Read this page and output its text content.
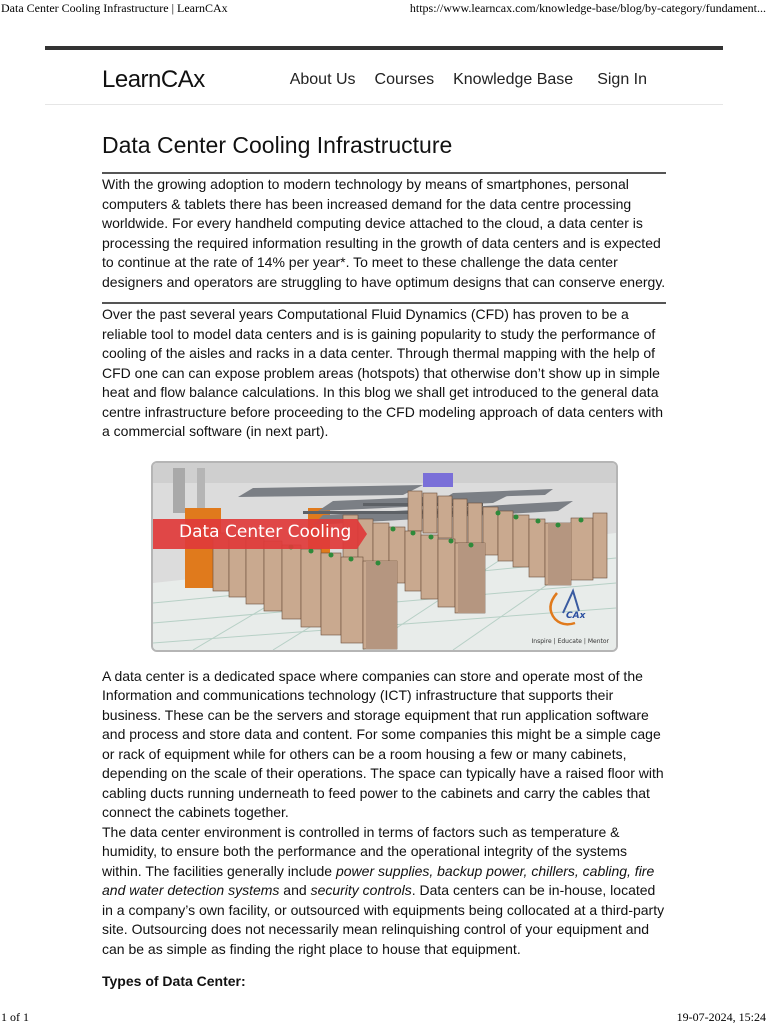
Data Center Cooling Infrastructure | LearnCAx	https://www.learncax.com/knowledge-base/blog/by-category/fundament...
LearnCAx	About Us Courses Knowledge Base Sign In
Data Center Cooling Infrastructure

With the growing adoption to modern technology by means of smartphones, personal computers & tablets there has been increased demand for the data centre processing worldwide. For every handheld computing device attached to the cloud, a data center is processing the required information resulting in the growth of data centers and is expected to continue at the rate of 14% per year*. To meet to these challenge the data center designers and operators are struggling to have optimum designs that can conserve energy.

Over the past several years Computational Fluid Dynamics (CFD) has proven to be a reliable tool to model data centers and is is gaining popularity to study the performance of cooling of the aisles and racks in a data center. Through thermal mapping with the help of CFD one can can expose problem areas (hotspots) that otherwise don’t show up in simple heat and flow balance calculations. In this blog we shall get introduced to the general data centre infrastructure before proceeding to the CFD modeling approach of data centers with a commercial software (in next part).

Data Center Cooling
CAx
Inspire | Educate | Mentor

A data center is a dedicated space where companies can store and operate most of the Information and communications technology (ICT) infrastructure that supports their business. These can be the servers and storage equipment that run application software and process and store data and content. For some companies this might be a simple cage or rack of equipment while for others can be a room housing a few or many cabinets, depending on the scale of their operations. The space can typically have a raised floor with cabling ducts running underneath to feed power to the cabinets and carry the cables that connect the cabinets together.

The data center environment is controlled in terms of factors such as temperature & humidity, to ensure both the performance and the operational integrity of the systems within. The facilities generally include power supplies, backup power, chillers, cabling, fire and water detection systems and security controls. Data centers can be in-house, located in a company’s own facility, or outsourced with equipments being collocated at a third-party site. Outsourcing does not necessarily mean relinquishing control of your equipment and can be as simple as finding the right place to house that equipment.

Types of Data Center:
1 of 1	19-07-2024, 15:24
